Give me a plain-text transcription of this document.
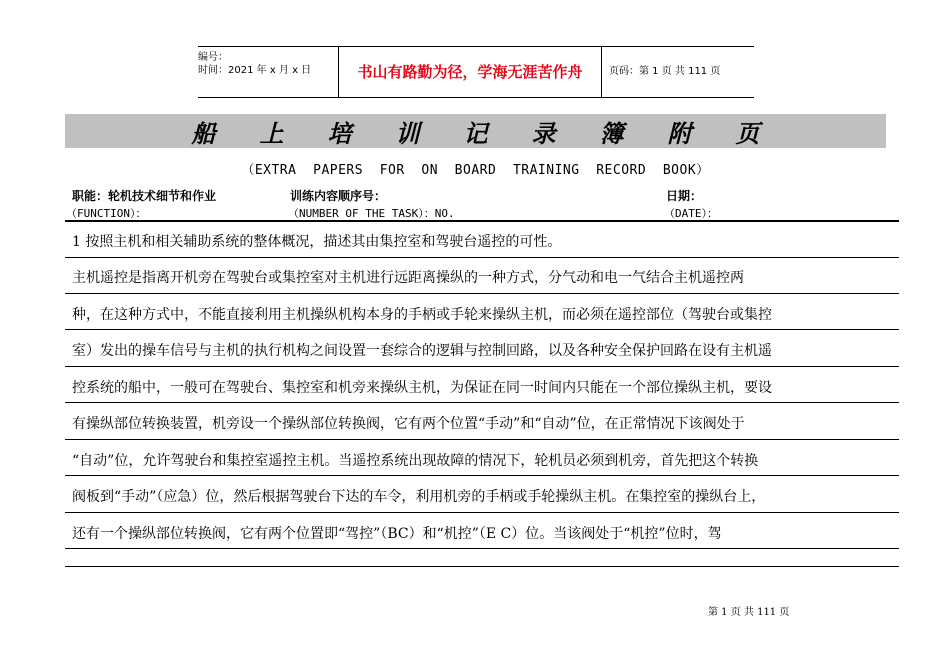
编号：
时间：2021 年 x 月 x 日	书山有路勤为径，学海无涯苦作舟	页码：第 1 页 共 111 页
船 上 培 训 记 录 簿 附 页
（EXTRA  PAPERS  FOR  ON  BOARD  TRAINING  RECORD  BOOK）
职能：轮机技术细节和作业
（FUNCTION）：
训练内容顺序号：
（NUMBER OF THE TASK）：NO.
日期：
（DATE）：
1 按照主机和相关辅助系统的整体概况，描述其由集控室和驾驶台遥控的可性。
主机遥控是指离开机旁在驾驶台或集控室对主机进行远距离操纵的一种方式，分气动和电一气结合主机遥控两
种，在这种方式中，不能直接利用主机操纵机构本身的手柄或手轮来操纵主机，而必须在遥控部位（驾驶台或集控
室）发出的操车信号与主机的执行机构之间设置一套综合的逻辑与控制回路，以及各种安全保护回路在设有主机遥
控系统的船中，一般可在驾驶台、集控室和机旁来操纵主机，为保证在同一时间内只能在一个部位操纵主机，要设
有操纵部位转换装置，机旁设一个操纵部位转换阀，它有两个位置“手动”和“自动”位，在正常情况下该阀处于
“自动”位，允许驾驶台和集控室遥控主机。当遥控系统出现故障的情况下，轮机员必须到机旁，首先把这个转换
阀板到“手动”（应急）位，然后根据驾驶台下达的车令，利用机旁的手柄或手轮操纵主机。在集控室的操纵台上，
还有一个操纵部位转换阀，它有两个位置即“驾控”（BC）和“机控”（E C）位。当该阀处于“机控”位时，驾
第 1 页 共 111 页
